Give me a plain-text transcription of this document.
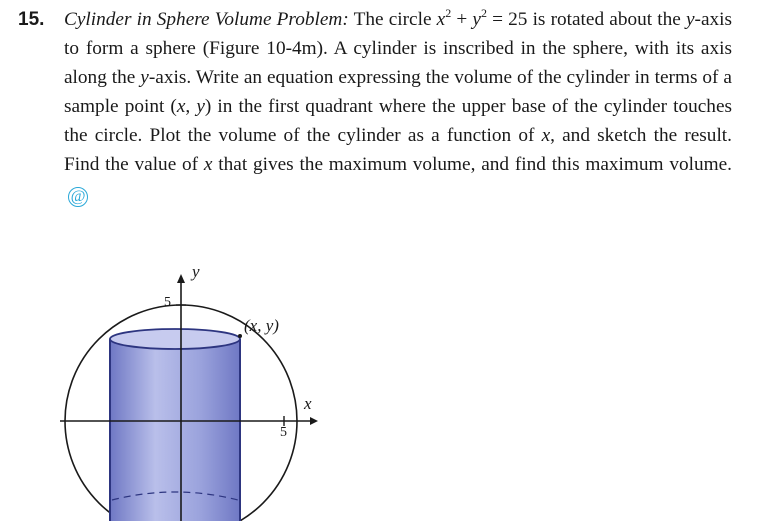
15. Cylinder in Sphere Volume Problem: The circle $x^2 + y^2 = 25$ is rotated about the y-axis to form a sphere (Figure 10-4m). A cylinder is inscribed in the sphere, with its axis along the y-axis. Write an equation expressing the volume of the cylinder in terms of a sample point (x, y) in the first quadrant where the upper base of the cylinder touches the circle. Plot the volume of the cylinder as a function of x, and sketch the result. Find the value of x that gives the maximum volume, and find this maximum volume.@
y
x
5
5
(x, y)
